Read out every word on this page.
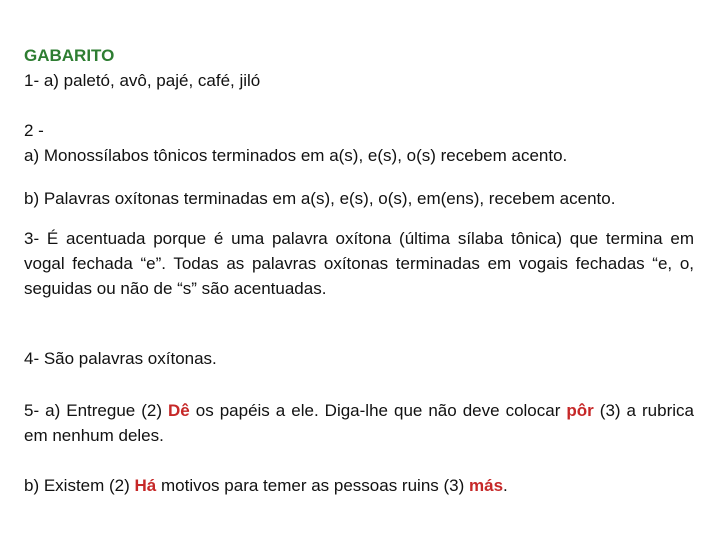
GABARITO
1- a) paletó, avô, pajé, café, jiló
2 -
a) Monossílabos tônicos terminados em a(s), e(s), o(s) recebem acento.
b) Palavras oxítonas terminadas em a(s), e(s), o(s), em(ens), recebem acento.
3- É acentuada porque é uma palavra oxítona (última sílaba tônica) que termina em vogal fechada “e”. Todas as palavras oxítonas terminadas em vogais fechadas “e, o, seguidas ou não de “s” são acentuadas.
4- São palavras oxítonas.
5- a) Entregue (2) Dê os papéis a ele. Diga-lhe que não deve colocar pôr (3) a rubrica em nenhum deles.
b) Existem (2) Há motivos para temer as pessoas ruins (3) más.
